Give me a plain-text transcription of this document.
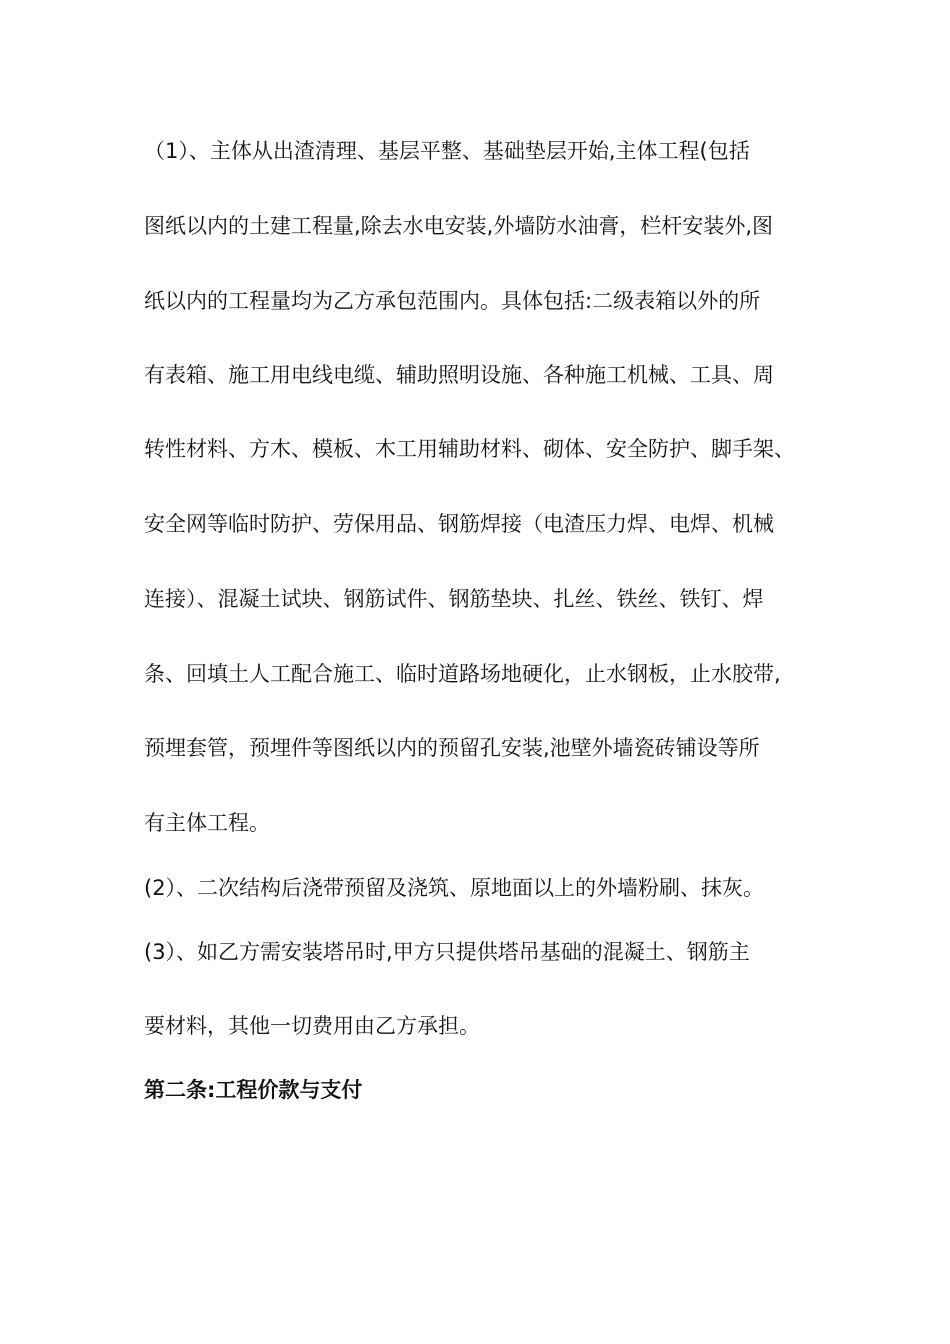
（1）、主体从出渣清理、基层平整、基础垫层开始,主体工程(包括
图纸以内的土建工程量,除去水电安装,外墙防水油膏，栏杆安装外,图
纸以内的工程量均为乙方承包范围内。具体包括:二级表箱以外的所
有表箱、施工用电线电缆、辅助照明设施、各种施工机械、工具、周
转性材料、方木、模板、木工用辅助材料、砌体、安全防护、脚手架、
安全网等临时防护、劳保用品、钢筋焊接（电渣压力焊、电焊、机械
连接）、混凝土试块、钢筋试件、钢筋垫块、扎丝、铁丝、铁钉、焊
条、回填土人工配合施工、临时道路场地硬化，止水钢板，止水胶带,
预埋套管，预埋件等图纸以内的预留孔安装,池壁外墙瓷砖铺设等所
有主体工程。
(2）、二次结构后浇带预留及浇筑、原地面以上的外墙粉刷、抹灰。
(3）、如乙方需安装塔吊时,甲方只提供塔吊基础的混凝土、钢筋主
要材料，其他一切费用由乙方承担。
第二条:工程价款与支付
